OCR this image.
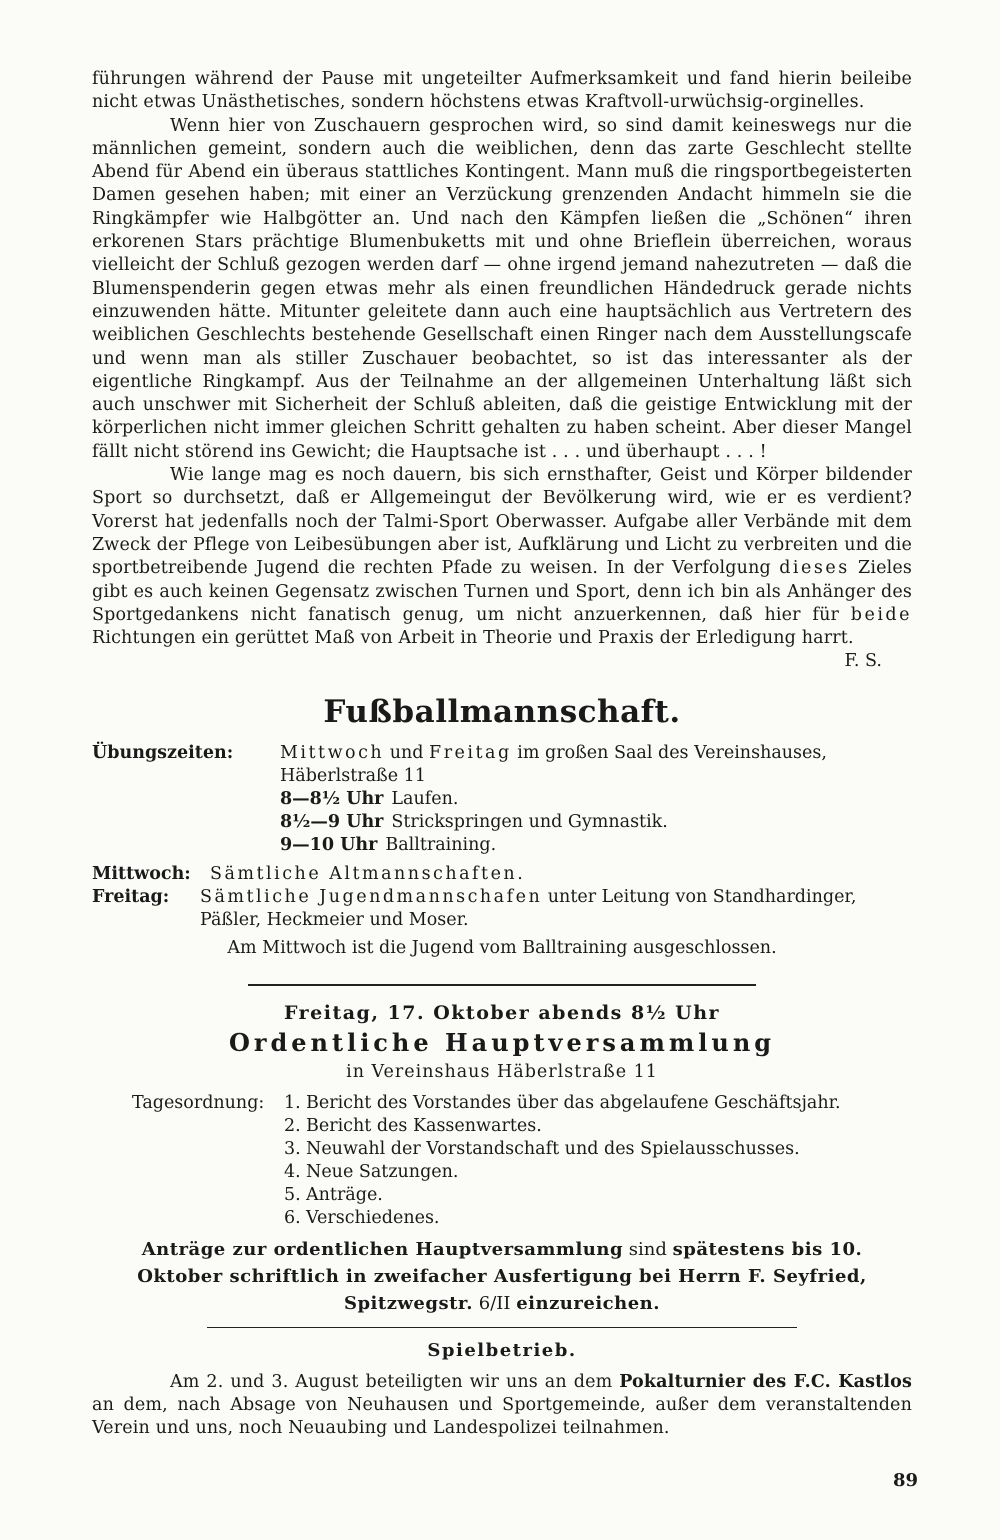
führungen während der Pause mit ungeteilter Aufmerksamkeit und fand hierin beileibe nicht etwas Unästhetisches, sondern höchstens etwas Kraftvoll-urwüchsig-orginelles.

Wenn hier von Zuschauern gesprochen wird, so sind damit keineswegs nur die männlichen gemeint, sondern auch die weiblichen, denn das zarte Geschlecht stellte Abend für Abend ein überaus stattliches Kontingent. Mann muß die ringsportbegeisterten Damen gesehen haben; mit einer an Verzückung grenzenden Andacht himmeln sie die Ringkämpfer wie Halbgötter an. Und nach den Kämpfen ließen die „Schönen“ ihren erkorenen Stars prächtige Blumenbuketts mit und ohne Brieflein überreichen, woraus vielleicht der Schluß gezogen werden darf — ohne irgend jemand nahezutreten — daß die Blumenspenderin gegen etwas mehr als einen freundlichen Händedruck gerade nichts einzuwenden hätte. Mitunter geleitete dann auch eine hauptsächlich aus Vertretern des weiblichen Geschlechts bestehende Gesellschaft einen Ringer nach dem Ausstellungscafe und wenn man als stiller Zuschauer beobachtet, so ist das interessanter als der eigentliche Ringkampf. Aus der Teilnahme an der allgemeinen Unterhaltung läßt sich auch unschwer mit Sicherheit der Schluß ableiten, daß die geistige Entwicklung mit der körperlichen nicht immer gleichen Schritt gehalten zu haben scheint. Aber dieser Mangel fällt nicht störend ins Gewicht; die Hauptsache ist . . . und überhaupt . . . !

Wie lange mag es noch dauern, bis sich ernsthafter, Geist und Körper bildender Sport so durchsetzt, daß er Allgemeingut der Bevölkerung wird, wie er es verdient? Vorerst hat jedenfalls noch der Talmi-Sport Oberwasser. Aufgabe aller Verbände mit dem Zweck der Pflege von Leibesübungen aber ist, Aufklärung und Licht zu verbreiten und die sportbetreibende Jugend die rechten Pfade zu weisen. In der Verfolgung dieses Zieles gibt es auch keinen Gegensatz zwischen Turnen und Sport, denn ich bin als Anhänger des Sportgedankens nicht fanatisch genug, um nicht anzuerkennen, daß hier für beide Richtungen ein gerüttet Maß von Arbeit in Theorie und Praxis der Erledigung harrt.

F. S.
Fußballmannschaft.
Übungszeiten:	Mittwoch und Freitag im großen Saal des Vereinshauses, Häberlstraße 11
8—8½ Uhr Laufen.
8½—9 Uhr Strickspringen und Gymnastik.
9—10 Uhr Balltraining.
Mittwoch:	Sämtliche Altmannschaften.
Freitag:	Sämtliche Jugendmannschafen unter Leitung von Standhardinger, Päßler, Heckmeier und Moser.
Am Mittwoch ist die Jugend vom Balltraining ausgeschlossen.
Freitag, 17. Oktober abends 8½ Uhr
Ordentliche Hauptversammlung
in Vereinshaus Häberlstraße 11
Tagesordnung:	1. Bericht des Vorstandes über das abgelaufene Geschäftsjahr.
2. Bericht des Kassenwartes.
3. Neuwahl der Vorstandschaft und des Spielausschusses.
4. Neue Satzungen.
5. Anträge.
6. Verschiedenes.
Anträge zur ordentlichen Hauptversammlung sind spätestens bis 10. Oktober schriftlich in zweifacher Ausfertigung bei Herrn F. Seyfried, Spitzwegstr. 6/II einzureichen.
Spielbetrieb.

Am 2. und 3. August beteiligten wir uns an dem Pokalturnier des F.C. Kastlos an dem, nach Absage von Neuhausen und Sportgemeinde, außer dem veranstaltenden Verein und uns, noch Neuaubing und Landespolizei teilnahmen.

89
